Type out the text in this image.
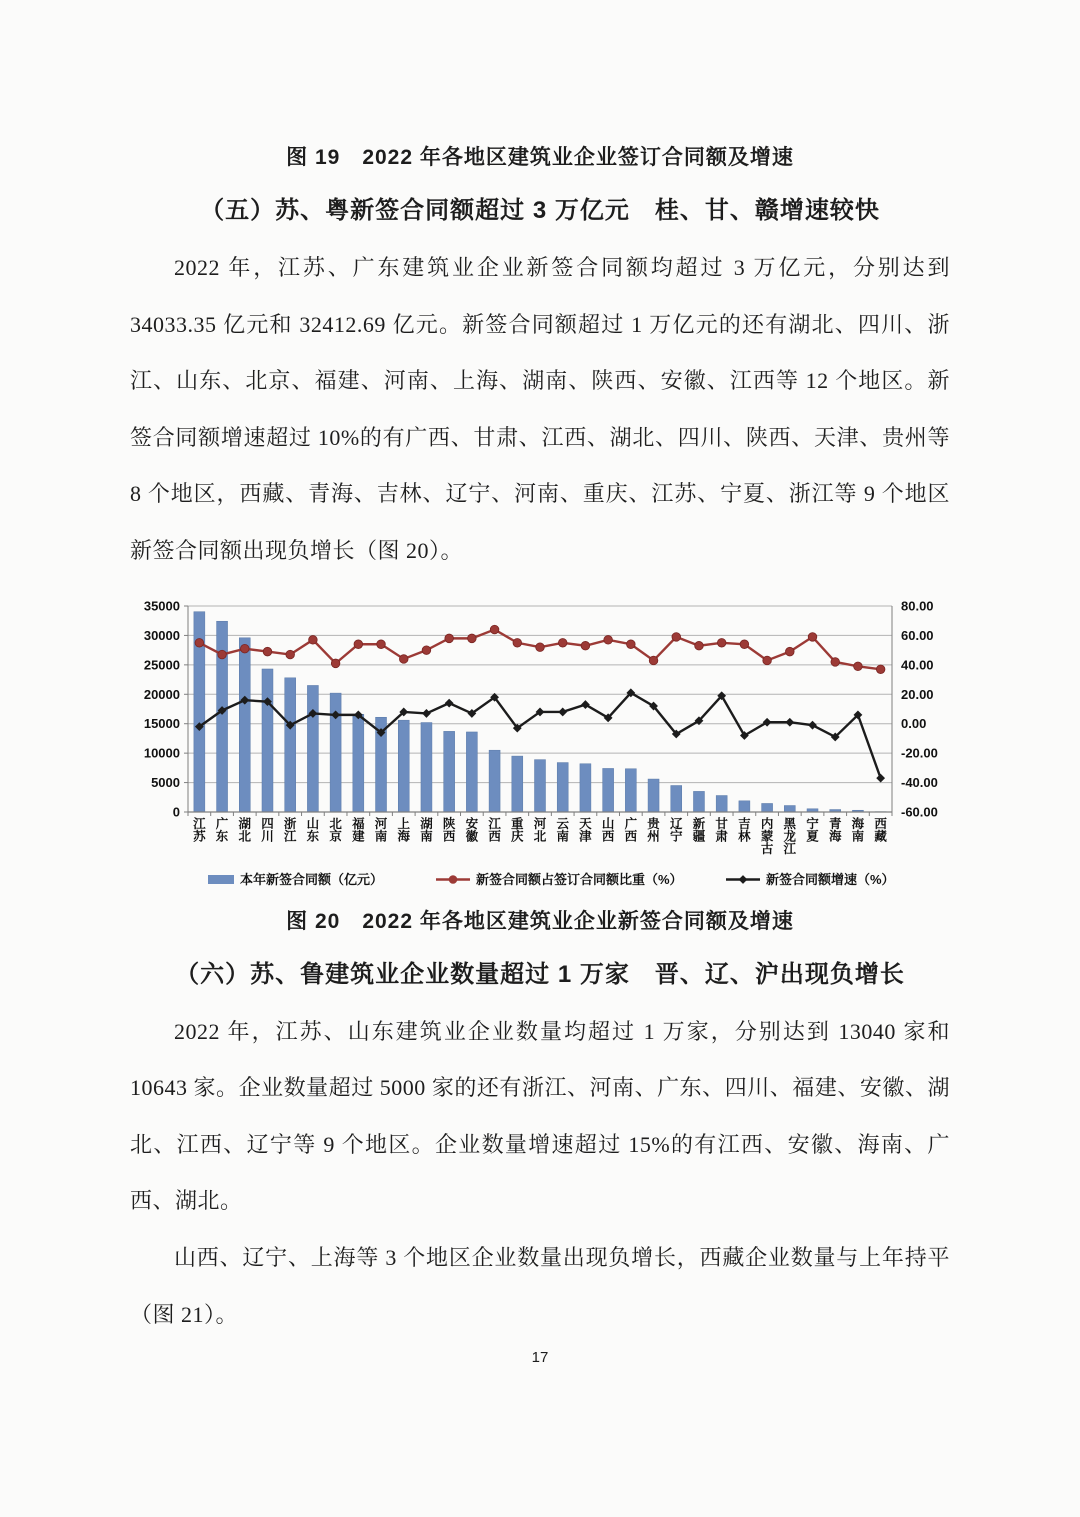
图 19　2022 年各地区建筑业企业签订合同额及增速

（五）苏、粤新签合同额超过 3 万亿元　桂、甘、赣增速较快

2022 年，江苏、广东建筑业企业新签合同额均超过 3 万亿元，分别达到 34033.35 亿元和 32412.69 亿元。新签合同额超过 1 万亿元的还有湖北、四川、浙江、山东、北京、福建、河南、上海、湖南、陕西、安徽、江西等 12 个地区。新签合同额增速超过 10%的有广西、甘肃、江西、湖北、四川、陕西、天津、贵州等 8 个地区，西藏、青海、吉林、辽宁、河南、重庆、江苏、宁夏、浙江等 9 个地区新签合同额出现负增长（图 20）。

0
5000
10000
15000
20000
25000
30000
35000
-60.00
-40.00
-20.00
0.00
20.00
40.00
60.00
80.00
江苏
广东
湖北
四川
浙江
山东
北京
福建
河南
上海
湖南
陕西
安徽
江西
重庆
河北
云南
天津
山西
广西
贵州
辽宁
新疆
甘肃
吉林
内蒙古
黑龙江
宁夏
青海
海南
西藏
本年新签合同额（亿元）	新签合同额占签订合同额比重（%）	新签合同额增速（%）

图 20　2022 年各地区建筑业企业新签合同额及增速

（六）苏、鲁建筑业企业数量超过 1 万家　晋、辽、沪出现负增长

2022 年，江苏、山东建筑业企业数量均超过 1 万家，分别达到 13040 家和 10643 家。企业数量超过 5000 家的还有浙江、河南、广东、四川、福建、安徽、湖北、江西、辽宁等 9 个地区。企业数量增速超过 15%的有江西、安徽、海南、广西、湖北。

山西、辽宁、上海等 3 个地区企业数量出现负增长，西藏企业数量与上年持平（图 21）。

17
